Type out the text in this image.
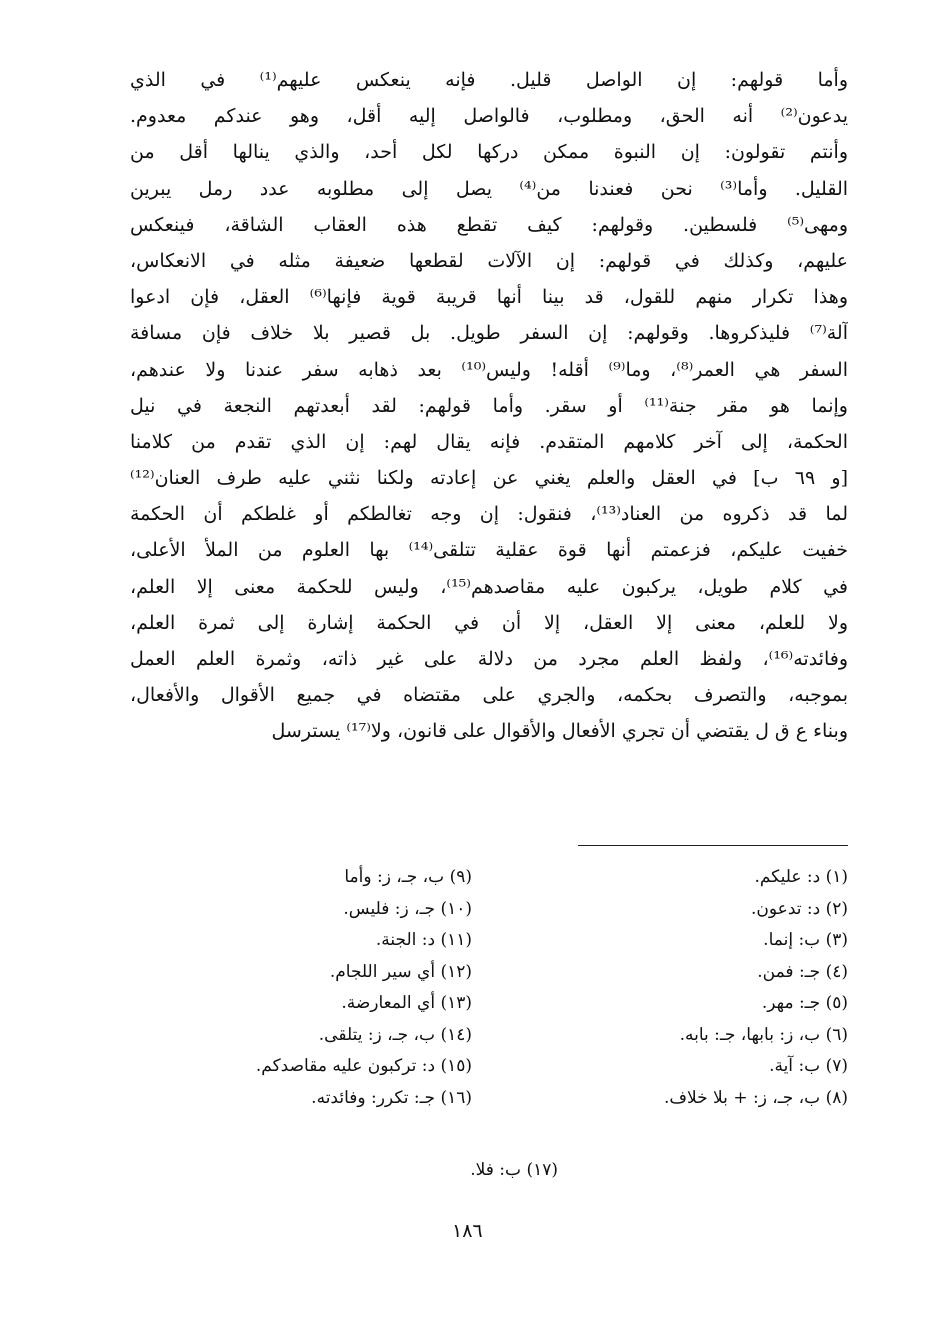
وأما قولهم: إن الواصل قليل. فإنه ينعكس عليهم⁽¹⁾ في الذي
يدعون⁽²⁾ أنه الحق، ومطلوب، فالواصل إليه أقل، وهو عندكم معدوم.
وأنتم تقولون: إن النبوة ممكن دركها لكل أحد، والذي ينالها أقل من
القليل. وأما⁽³⁾ نحن فعندنا من⁽⁴⁾ يصل إلى مطلوبه عدد رمل يبرين
ومهى⁽⁵⁾ فلسطين. وقولهم: كيف تقطع هذه العقاب الشاقة، فينعكس
عليهم، وكذلك في قولهم: إن الآلات لقطعها ضعيفة مثله في الانعكاس،
وهذا تكرار منهم للقول، قد بينا أنها قريبة قوية فإنها⁽⁶⁾ العقل، فإن ادعوا
آلة⁽⁷⁾ فليذكروها. وقولهم: إن السفر طويل. بل قصير بلا خلاف فإن مسافة
السفر هي العمر⁽⁸⁾، وما⁽⁹⁾ أقله! وليس⁽¹⁰⁾ بعد ذهابه سفر عندنا ولا عندهم،
وإنما هو مقر جنة⁽¹¹⁾ أو سقر. وأما قولهم: لقد أبعدتهم النجعة في نيل
الحكمة، إلى آخر كلامهم المتقدم. فإنه يقال لهم: إن الذي تقدم من كلامنا
[و ٦٩ ب] في العقل والعلم يغني عن إعادته ولكنا نثني عليه طرف العنان⁽¹²⁾
لما قد ذكروه من العناد⁽¹³⁾، فنقول: إن وجه تغالطكم أو غلطكم أن الحكمة
خفيت عليكم، فزعمتم أنها قوة عقلية تتلقى⁽¹⁴⁾ بها العلوم من الملأ الأعلى،
في كلام طويل، يركبون عليه مقاصدهم⁽¹⁵⁾، وليس للحكمة معنى إلا العلم،
ولا للعلم، معنى إلا العقل، إلا أن في الحكمة إشارة إلى ثمرة العلم،
وفائدته⁽¹⁶⁾، ولفظ العلم مجرد من دلالة على غير ذاته، وثمرة العلم العمل
بموجبه، والتصرف بحكمه، والجري على مقتضاه في جميع الأقوال والأفعال،
وبناء ع ق ل يقتضي أن تجري الأفعال والأقوال على قانون، ولا⁽¹⁷⁾ يسترسل
(١) د: عليكم.
(٢) د: تدعون.
(٣) ب: إنما.
(٤) جـ: فمن.
(٥) جـ: مهر.
(٦) ب، ز: بابها، جـ: بابه.
(٧) ب: آية.
(٨) ب، جـ، ز: + بلا خلاف.
(٩) ب، جـ، ز: وأما
(١٠) جـ، ز: فليس.
(١١) د: الجنة.
(١٢) أي سير اللجام.
(١٣) أي المعارضة.
(١٤) ب، جـ، ز: يتلقى.
(١٥) د: تركبون عليه مقاصدكم.
(١٦) جـ: تكرر: وفائدته.
(١٧) ب: فلا.
١٨٦
